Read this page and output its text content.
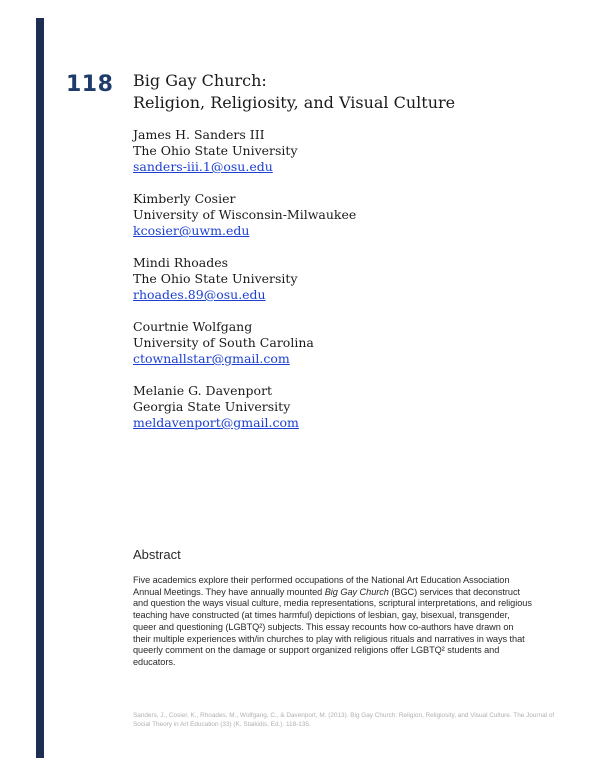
118 Big Gay Church:
Religion, Religiosity, and Visual Culture
James H. Sanders III
The Ohio State University
sanders-iii.1@osu.edu
Kimberly Cosier
University of Wisconsin-Milwaukee
kcosier@uwm.edu
Mindi Rhoades
The Ohio State University
rhoades.89@osu.edu
Courtnie Wolfgang
University of South Carolina
ctownallstar@gmail.com
Melanie G. Davenport
Georgia State University
meldavenport@gmail.com
Abstract
Five academics explore their performed occupations of the National Art Education Association Annual Meetings. They have annually mounted Big Gay Church (BGC) services that deconstruct and question the ways visual culture, media representations, scriptural interpretations, and religious teaching have constructed (at times harmful) depictions of lesbian, gay, bisexual, transgender, queer and questioning (LGBTQ²) subjects. This essay recounts how co-authors have drawn on their multiple experiences with/in churches to play with religious rituals and narratives in ways that queerly comment on the damage or support organized religions offer LGBTQ² students and educators.
Sanders, J., Cosier, K., Rhoades, M., Wolfgang, C., & Davenport, M. (2013). Big Gay Church: Religion, Religiosity, and Visual Culture. The Journal of Social Theory in Art Education (33) (K. Staikidis, Ed.). 118-135.
